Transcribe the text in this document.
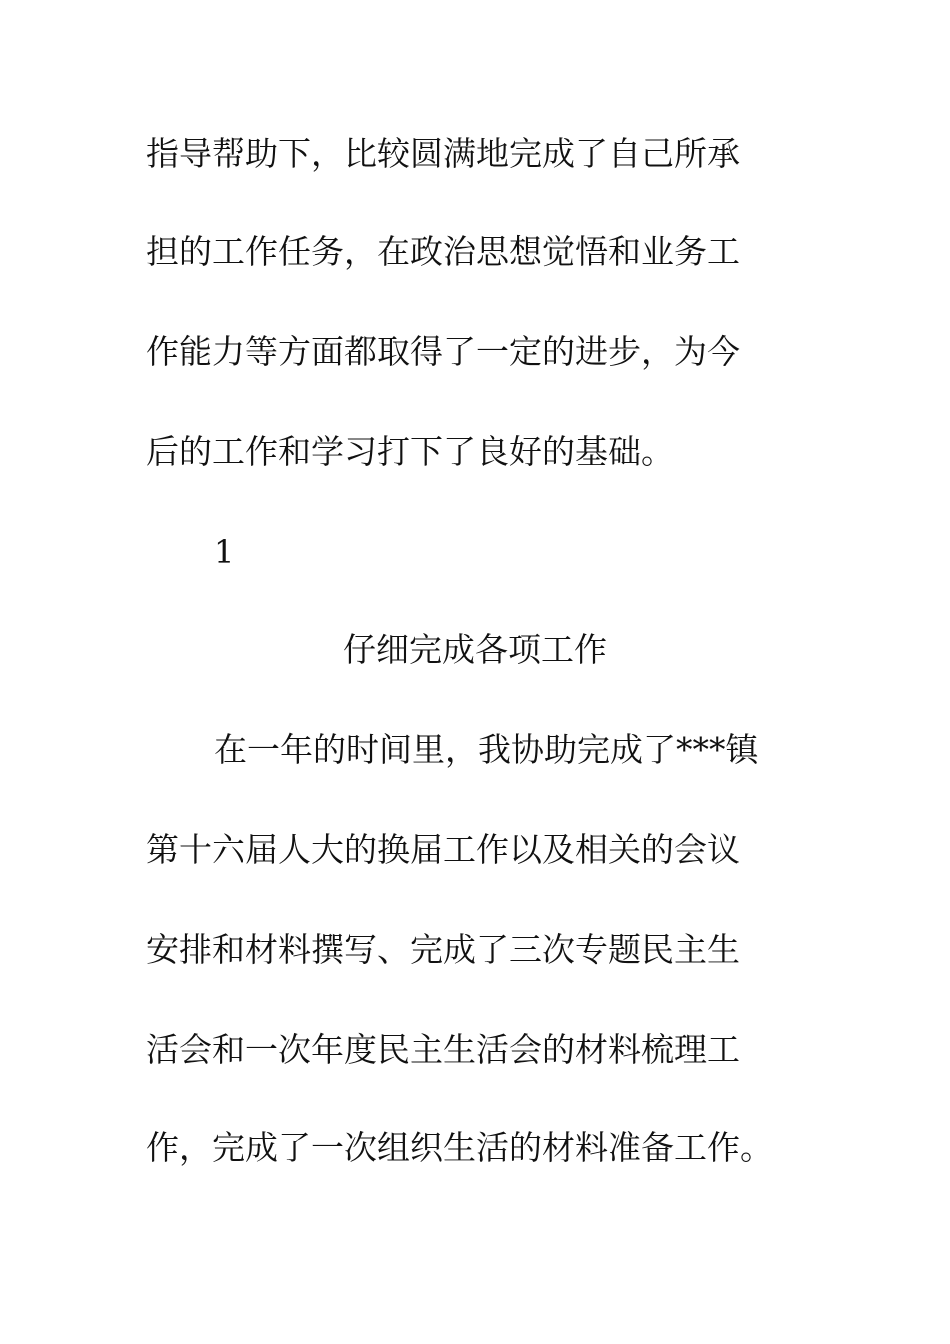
指导帮助下，比较圆满地完成了自己所承
担的工作任务，在政治思想觉悟和业务工
作能力等方面都取得了一定的进步，为今
后的工作和学习打下了良好的基础。
1
仔细完成各项工作
在一年的时间里，我协助完成了***镇
第十六届人大的换届工作以及相关的会议
安排和材料撰写、完成了三次专题民主生
活会和一次年度民主生活会的材料梳理工
作，完成了一次组织生活的材料准备工作。
